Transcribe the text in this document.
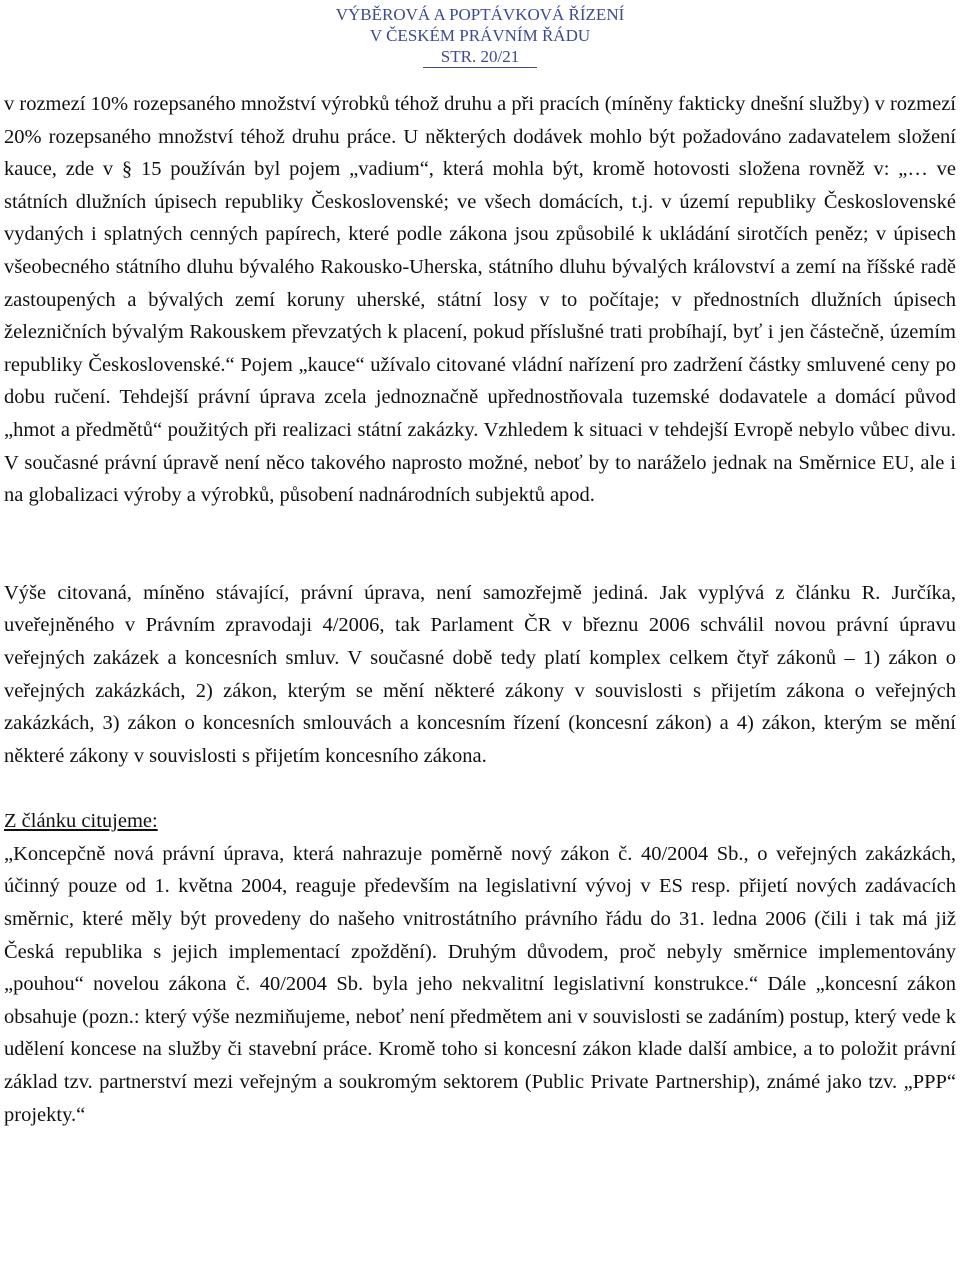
VÝBĚROVÁ A POPTÁVKOVÁ ŘÍZENÍ
V ČESKÉM PRÁVNÍM ŘÁDU
STR. 20/21

v rozmezí 10% rozepsaného množství výrobků téhož druhu a při pracích (míněny fakticky dnešní služby) v rozmezí 20% rozepsaného množství téhož druhu práce. U některých dodávek mohlo být požadováno zadavatelem složení kauce, zde v § 15 používán byl pojem „vadium“, která mohla být, kromě hotovosti složena rovněž v: „… ve státních dlužních úpisech republiky Československé; ve všech domácích, t.j. v území republiky Československé vydaných i splatných cenných papírech, které podle zákona jsou způsobilé k ukládání sirotčích peněz; v úpisech všeobecného státního dluhu bývalého Rakousko-Uherska, státního dluhu bývalých království a zemí na říšské radě zastoupených a bývalých zemí koruny uherské, státní losy v to počítaje; v přednostních dlužních úpisech železničních bývalým Rakouskem převzatých k placení, pokud příslušné trati probíhají, byť i jen částečně, územím republiky Československé.“ Pojem „kauce“ užívalo citované vládní nařízení pro zadržení částky smluvené ceny po dobu ručení. Tehdejší právní úprava zcela jednoznačně upřednostňovala tuzemské dodavatele a domácí původ „hmot a předmětů“ použitých při realizaci státní zakázky. Vzhledem k situaci v tehdejší Evropě nebylo vůbec divu. V současné právní úpravě není něco takového naprosto možné, neboť by to naráželo jednak na Směrnice EU, ale i na globalizaci výroby a výrobků, působení nadnárodních subjektů apod.

Výše citovaná, míněno stávající, právní úprava, není samozřejmě jediná. Jak vyplývá z článku R. Jurčíka, uveřejněného v Právním zpravodaji 4/2006, tak Parlament ČR v březnu 2006 schválil novou právní úpravu veřejných zakázek a koncesních smluv. V současné době tedy platí komplex celkem čtyř zákonů – 1) zákon o veřejných zakázkách, 2) zákon, kterým se mění některé zákony v souvislosti s přijetím zákona o veřejných zakázkách, 3) zákon o koncesních smlouvách a koncesním řízení (koncesní zákon) a 4) zákon, kterým se mění některé zákony v souvislosti s přijetím koncesního zákona.

Z článku citujeme:

„Koncepčně nová právní úprava, která nahrazuje poměrně nový zákon č. 40/2004 Sb., o veřejných zakázkách, účinný pouze od 1. května 2004, reaguje především na legislativní vývoj v ES resp. přijetí nových zadávacích směrnic, které měly být provedeny do našeho vnitrostátního právního řádu do 31. ledna 2006 (čili i tak má již Česká republika s jejich implementací zpoždění). Druhým důvodem, proč nebyly směrnice implementovány „pouhou“ novelou zákona č. 40/2004 Sb. byla jeho nekvalitní legislativní konstrukce.“ Dále „koncesní zákon obsahuje (pozn.: který výše nezmiňujeme, neboť není předmětem ani v souvislosti se zadáním) postup, který vede k udělení koncese na služby či stavební práce. Kromě toho si koncesní zákon klade další ambice, a to položit právní základ tzv. partnerství mezi veřejným a soukromým sektorem (Public Private Partnership), známé jako tzv. „PPP“ projekty.“
